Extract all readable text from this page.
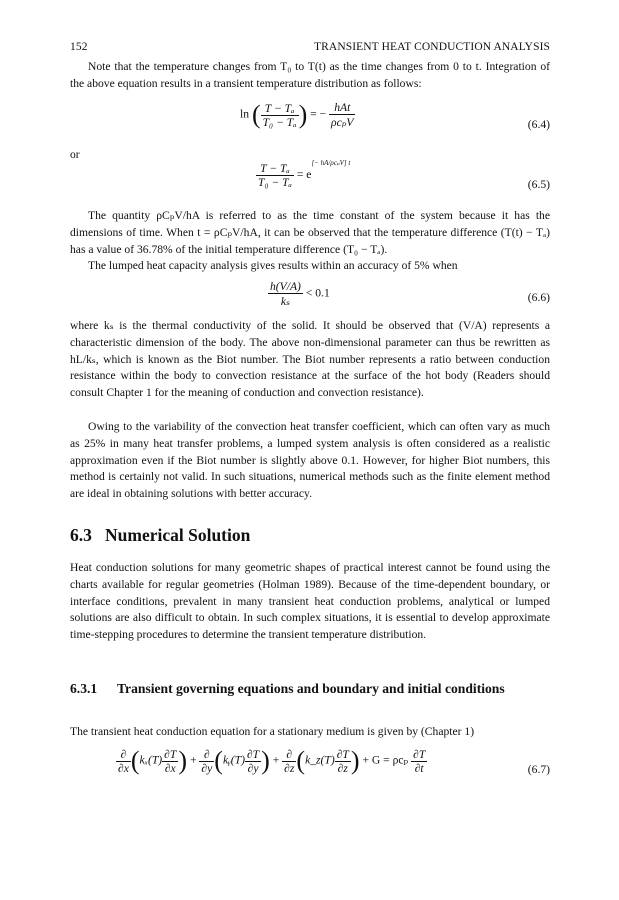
152	TRANSIENT HEAT CONDUCTION ANALYSIS

Note that the temperature changes from T₀ to T(t) as the time changes from 0 to t. Integration of the above equation results in a transient temperature distribution as follows:

ln ( $\frac{\text{T − Tₐ}}{\text{T₀ − Tₐ}}$ ) = − $\frac{\text{hAt}}{\text{ρcₚV}}$	(6.4)
or
$\frac{\text{T − Tₐ}}{\text{T₀ − Tₐ}} = e^{[- hA/\rho c_pV] t}$
(6.5)

The quantity ρCₚV/hA is referred to as the time constant of the system because it has the dimensions of time. When t = ρCₚV/hA, it can be observed that the temperature difference (T(t) − Tₐ) has a value of 36.78% of the initial temperature difference (T₀ − Tₐ).

The lumped heat capacity analysis gives results within an accuracy of 5% when

$\frac{h(V/A)}{\text{kₛ}} < 0.1$	(6.6)

where kₛ is the thermal conductivity of the solid. It should be observed that (V/A) represents a characteristic dimension of the body. The above non-dimensional parameter can thus be rewritten as hL/kₛ, which is known as the Biot number. The Biot number represents a ratio between conduction resistance within the body to convection resistance at the surface of the hot body (Readers should consult Chapter 1 for the meaning of conduction and convection resistance).

Owing to the variability of the convection heat transfer coefficient, which can often vary as much as 25% in many heat transfer problems, a lumped system analysis is often considered as a realistic approximation even if the Biot number is slightly above 0.1. However, for higher Biot numbers, this method is certainly not valid. In such situations, numerical methods such as the finite element method are ideal in obtaining solutions with better accuracy.

6.3 Numerical Solution

Heat conduction solutions for many geometric shapes of practical interest cannot be found using the charts available for regular geometries (Holman 1989). Because of the time-dependent boundary, or interface conditions, prevalent in many transient heat conduction problems, analytical or lumped solutions are also difficult to obtain. In such complex situations, it is essential to develop approximate time-stepping procedures to determine the transient temperature distribution.

6.3.1 Transient governing equations and boundary and initial conditions

The transient heat conduction equation for a stationary medium is given by (Chapter 1)

$\frac{\partial}{\partial x} (k_x(T) \frac{\partial T}{\partial x}$ ) + $\frac{\partial}{\partial y}$ (kᵧ(T) $\frac{\partial T}{\partial y}$ ) + $\frac{\partial}{\partial z}$ (k_z(T) $\frac{\partial T}{\partial z}$ ) + G = ρcₚ $\frac{\partial T}{\partial t}$	(6.7)
